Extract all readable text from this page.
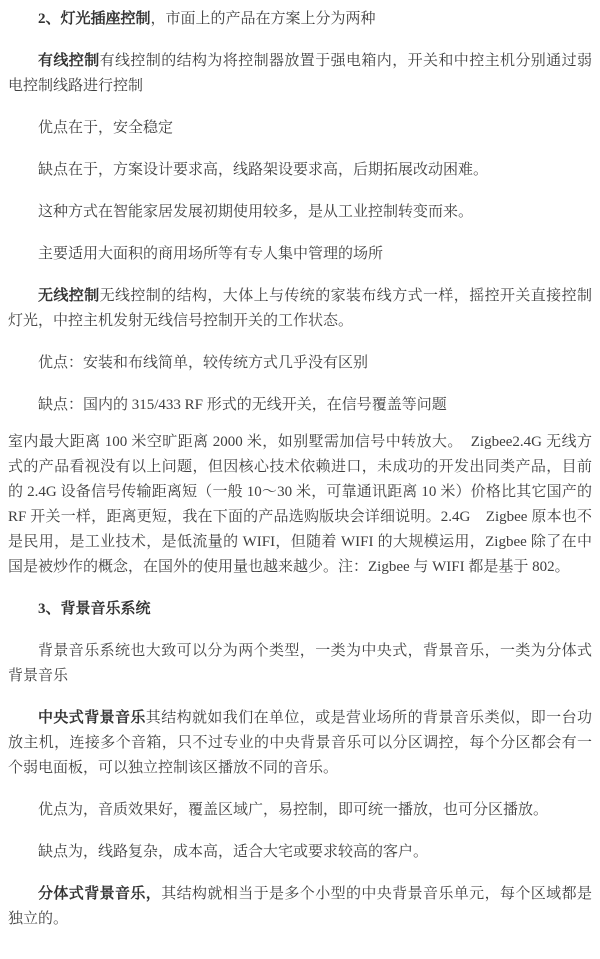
2、灯光插座控制，市面上的产品在方案上分为两种

有线控制有线控制的结构为将控制器放置于强电箱内，开关和中控主机分别通过弱电控制线路进行控制

优点在于，安全稳定

缺点在于，方案设计要求高，线路架设要求高，后期拓展改动困难。

这种方式在智能家居发展初期使用较多，是从工业控制转变而来。

主要适用大面积的商用场所等有专人集中管理的场所

无线控制无线控制的结构，大体上与传统的家装布线方式一样，摇控开关直接控制灯光，中控主机发射无线信号控制开关的工作状态。

优点：安装和布线简单，较传统方式几乎没有区别

缺点：国内的 315/433 RF 形式的无线开关，在信号覆盖等问题

室内最大距离 100 米空旷距离 2000 米，如别墅需加信号中转放大。　Zigbee2.4G 无线方式的产品看视没有以上问题，但因核心技术依赖进口，未成功的开发出同类产品，目前的 2.4G 设备信号传输距离短（一般 10～30 米，可靠通讯距离 10 米）价格比其它国产的 RF 开关一样，距离更短，我在下面的产品选购版块会详细说明。2.4G　Zigbee 原本也不是民用，是工业技术，是低流量的 WIFI，但随着 WIFI 的大规模运用，Zigbee 除了在中国是被炒作的概念，在国外的使用量也越来越少。注：Zigbee 与 WIFI 都是基于 802。

3、背景音乐系统

背景音乐系统也大致可以分为两个类型，一类为中央式，背景音乐，一类为分体式背景音乐

中央式背景音乐其结构就如我们在单位，或是营业场所的背景音乐类似，即一台功放主机，连接多个音箱，只不过专业的中央背景音乐可以分区调控，每个分区都会有一个弱电面板，可以独立控制该区播放不同的音乐。

优点为，音质效果好，覆盖区域广，易控制，即可统一播放，也可分区播放。

缺点为，线路复杂，成本高，适合大宅或要求较高的客户。

分体式背景音乐，其结构就相当于是多个小型的中央背景音乐单元，每个区域都是独立的。
